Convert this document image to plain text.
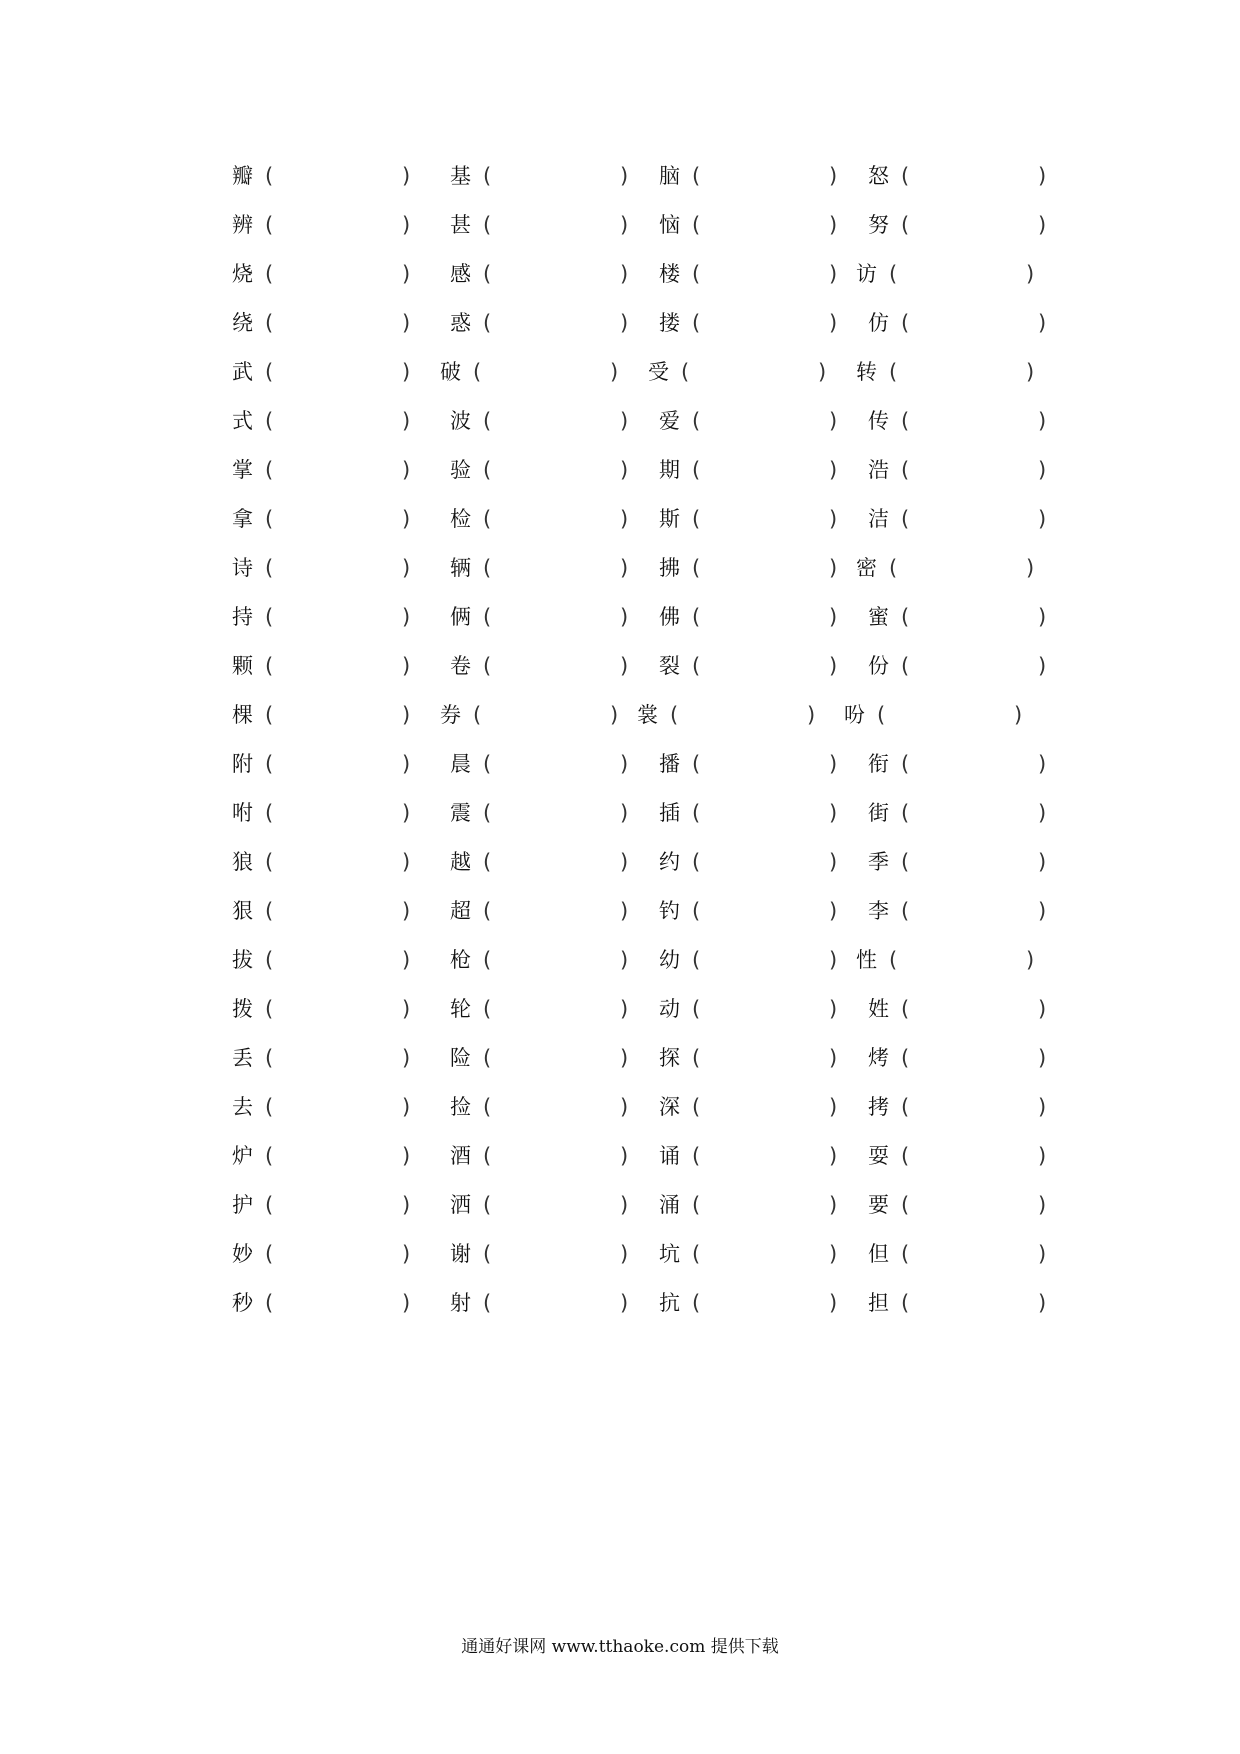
瓣 (	) 基 (	) 脑 (	) 怒 (	)
辨 (	) 甚 (	) 恼 (	) 努 (	)
烧 (	) 感 (	) 楼 (	) 访 (	)
绕 (	) 惑 (	) 搂 (	) 仿 (	)
武 (	) 破 (	) 受 (	) 转 (	)
式 (	) 波 (	) 爱 (	) 传 (	)
掌 (	) 验 (	) 期 (	) 浩 (	)
拿 (	) 检 (	) 斯 (	) 洁 (	)
诗 (	) 辆 (	) 拂 (	) 密 (	)
持 (	) 俩 (	) 佛 (	) 蜜 (	)
颗 (	) 卷 (	) 裂 (	) 份 (	)
棵 (	) 券 (	) 裳 (	) 吩 (	)
附 (	) 晨 (	) 播 (	) 衔 (	)
咐 (	) 震 (	) 插 (	) 街 (	)
狼 (	) 越 (	) 约 (	) 季 (	)
狠 (	) 超 (	) 钓 (	) 李 (	)
拔 (	) 枪 (	) 幼 (	) 性 (	)
拨 (	) 轮 (	) 动 (	) 姓 (	)
丢 (	) 险 (	) 探 (	) 烤 (	)
去 (	) 捡 (	) 深 (	) 拷 (	)
炉 (	) 酒 (	) 诵 (	) 耍 (	)
护 (	) 洒 (	) 涌 (	) 要 (	)
妙 (	) 谢 (	) 坑 (	) 但 (	)
秒 (	) 射 (	) 抗 (	) 担 (	)
通通好课网 www.tthaoke.com 提供下载
